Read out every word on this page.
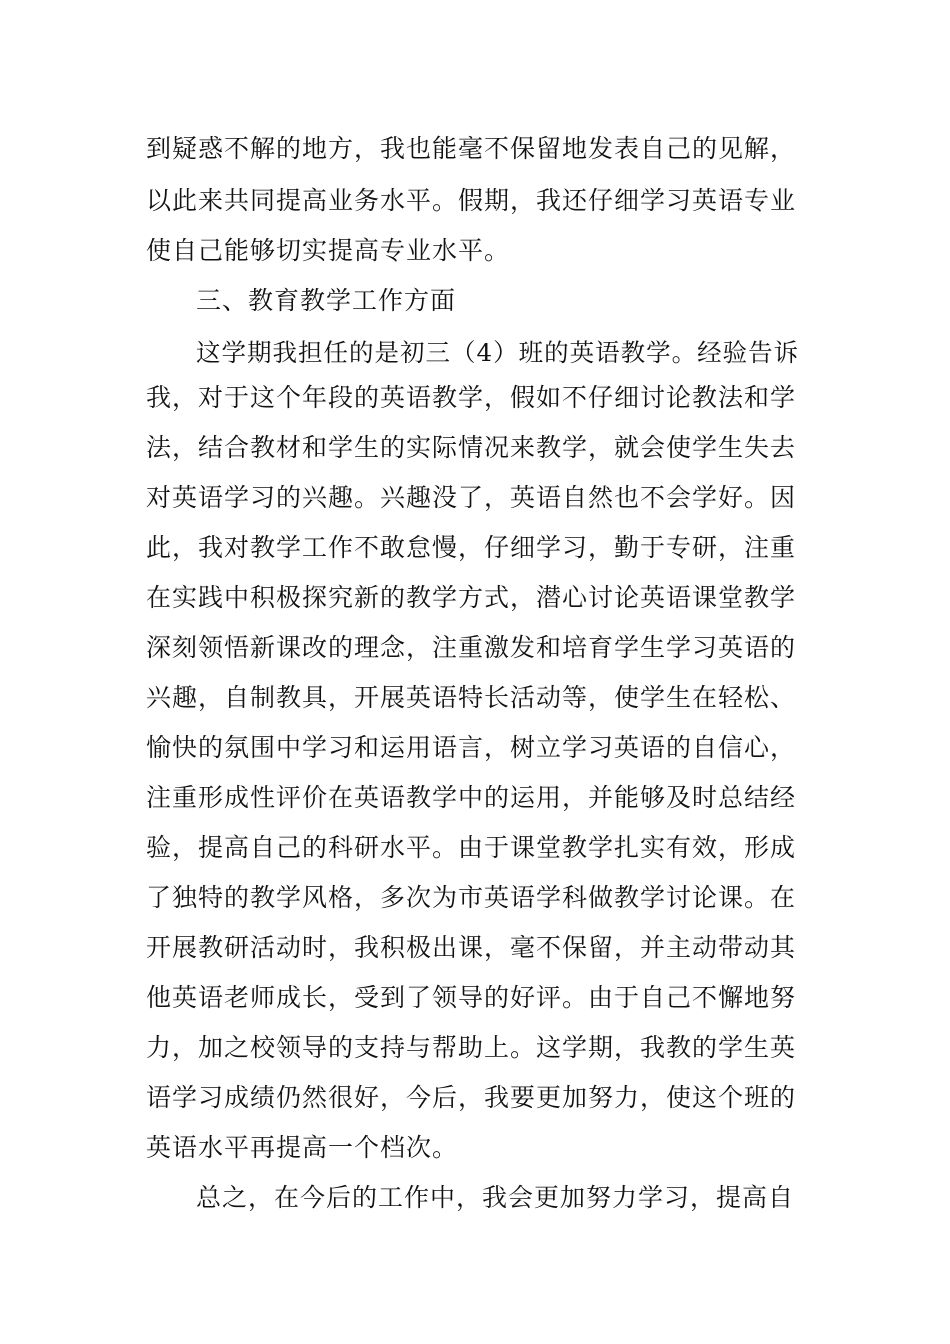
到疑惑不解的地方，我也能毫不保留地发表自己的见解，
以此来共同提高业务水平。假期，我还仔细学习英语专业
使自己能够切实提高专业水平。
三、教育教学工作方面
这学期我担任的是初三（4）班的英语教学。经验告诉
我，对于这个年段的英语教学，假如不仔细讨论教法和学
法，结合教材和学生的实际情况来教学，就会使学生失去
对英语学习的兴趣。兴趣没了，英语自然也不会学好。因
此，我对教学工作不敢怠慢，仔细学习，勤于专研，注重
在实践中积极探究新的教学方式，潜心讨论英语课堂教学
深刻领悟新课改的理念，注重激发和培育学生学习英语的
兴趣，自制教具，开展英语特长活动等，使学生在轻松、
愉快的氛围中学习和运用语言，树立学习英语的自信心，
注重形成性评价在英语教学中的运用，并能够及时总结经
验，提高自己的科研水平。由于课堂教学扎实有效，形成
了独特的教学风格，多次为市英语学科做教学讨论课。在
开展教研活动时，我积极出课，毫不保留，并主动带动其
他英语老师成长，受到了领导的好评。由于自己不懈地努
力，加之校领导的支持与帮助上。这学期，我教的学生英
语学习成绩仍然很好，今后，我要更加努力，使这个班的
英语水平再提高一个档次。
总之，在今后的工作中，我会更加努力学习，提高自
